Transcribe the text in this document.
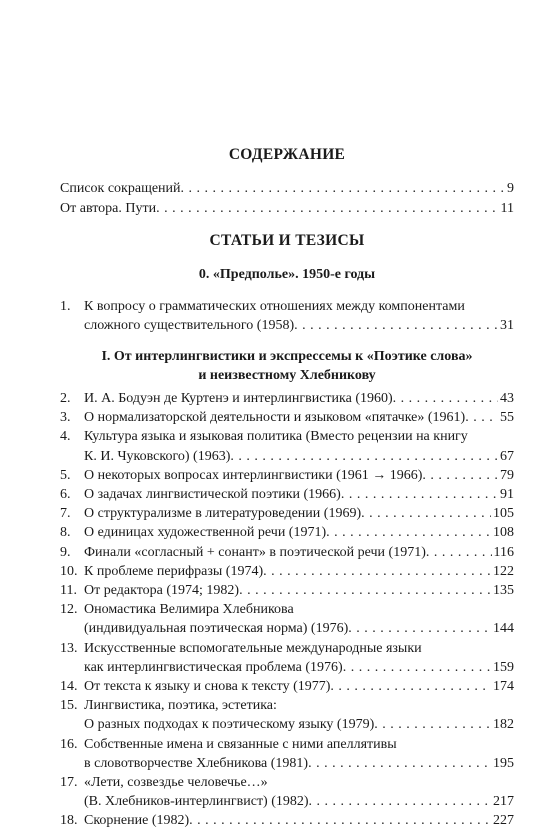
СОДЕРЖАНИЕ
СТАТЬИ И ТЕЗИСЫ
0. «Предполье». 1950-е годы
I. От интерлингвистики и экспрессемы к «Поэтике слова»
и неизвестному Хлебникову
Список сокращений . . .	9
От автора. Пути . . .	11
1. К вопросу о грамматических отношениях между компонентами
сложного существительного (1958) . . .	31
2. И. А. Бодуэн де Куртенэ и интерлингвистика (1960) . . .	43
3. О нормализаторской деятельности и языковом «пятачке» (1961) . . . 55
4. Культура языка и языковая политика (Вместо рецензии на книгу
К. И. Чуковского) (1963) . . .	67
5. О некоторых вопросах интерлингвистики (1961 → 1966) . . .	79
6. О задачах лингвистической поэтики (1966) . . .	91
7. О структурализме в литературоведении (1969) . . .	105
8. О единицах художественной речи (1971) . . .	108
9. Финали «согласный + сонант» в поэтической речи (1971) . . .	116
10. К проблеме перифразы (1974) . . .	122
11. От редактора (1974; 1982) . . .	135
12. Ономастика Велимира Хлебникова
(индивидуальная поэтическая норма) (1976) . . .	144
13. Искусственные вспомогательные международные языки
как интерлингвистическая проблема (1976) . . .	159
14. От текста к языку и снова к тексту (1977) . . .	174
15. Лингвистика, поэтика, эстетика:
О разных подходах к поэтическому языку (1979) . . .	182
16. Собственные имена и связанные с ними апеллятивы
в словотворчестве Хлебникова (1981) . . .	195
17. «Лети, созвездье человечье…»
(В. Хлебников-интерлингвист) (1982) . . .	217
18. Скорнение (1982) . . .	227
